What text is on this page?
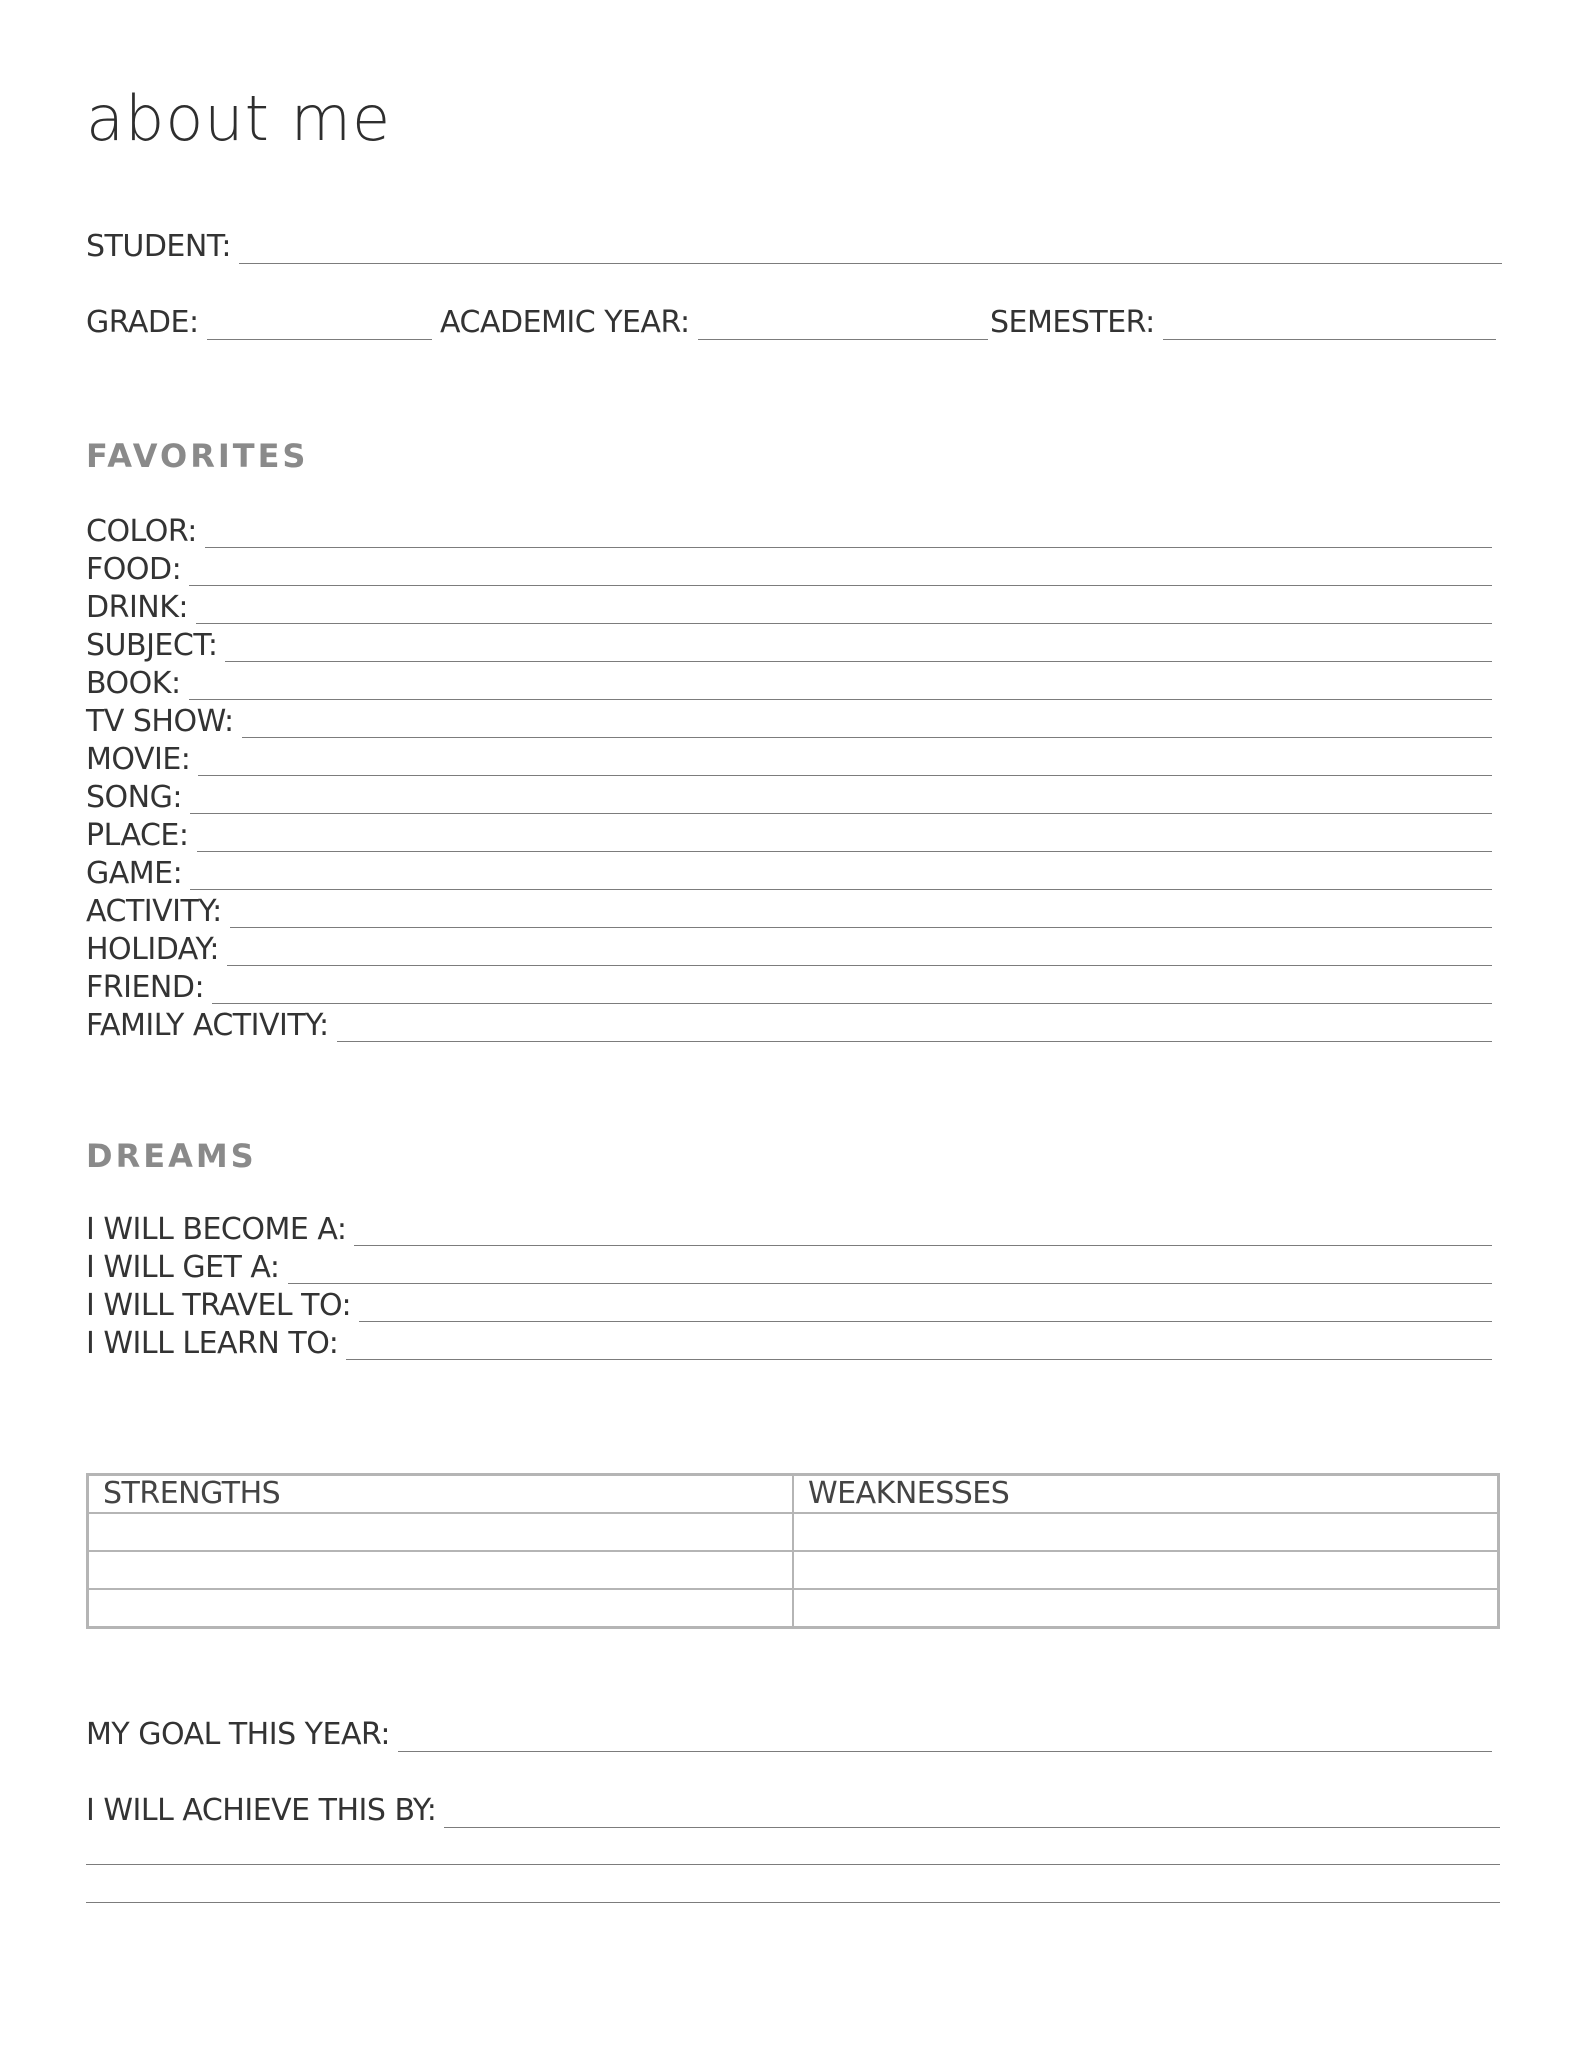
about me
STUDENT:
GRADE:	ACADEMIC YEAR:	SEMESTER:
FAVORITES
COLOR:
FOOD:
DRINK:
SUBJECT:
BOOK:
TV SHOW:
MOVIE:
SONG:
PLACE:
GAME:
ACTIVITY:
HOLIDAY:
FRIEND:
FAMILY ACTIVITY:
DREAMS
I WILL BECOME A:
I WILL GET A:
I WILL TRAVEL TO:
I WILL LEARN TO:
STRENGTHS	WEAKNESSES

MY GOAL THIS YEAR:
I WILL ACHIEVE THIS BY:
